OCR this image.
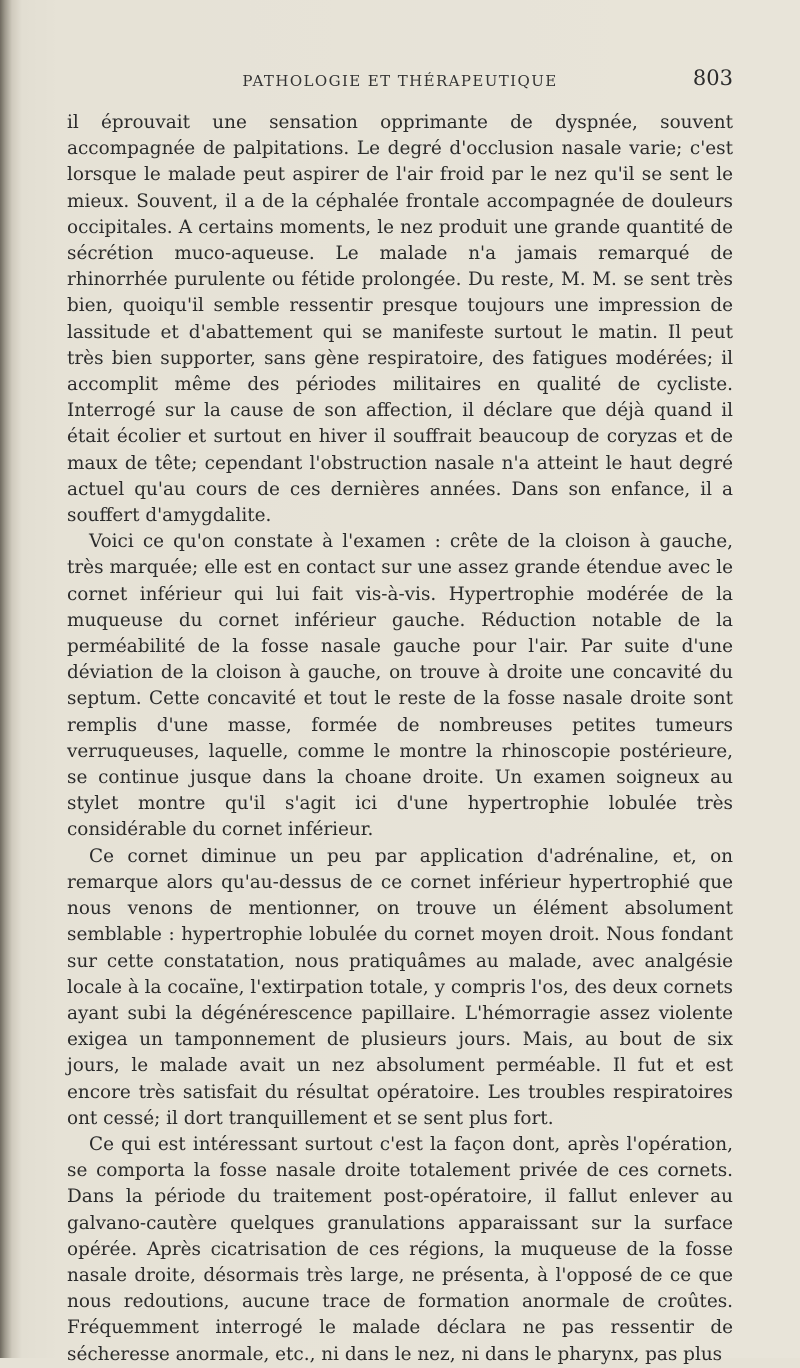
PATHOLOGIE ET THÉRAPEUTIQUE	803

il éprouvait une sensation opprimante de dyspnée, souvent accompagnée de palpitations. Le degré d'occlusion nasale varie; c'est lorsque le malade peut aspirer de l'air froid par le nez qu'il se sent le mieux. Souvent, il a de la céphalée frontale accompagnée de douleurs occipitales. A certains moments, le nez produit une grande quantité de sécrétion muco-aqueuse. Le malade n'a jamais remarqué de rhinorrhée purulente ou fétide prolongée. Du reste, M. M. se sent très bien, quoiqu'il semble ressentir presque toujours une impression de lassitude et d'abattement qui se manifeste surtout le matin. Il peut très bien supporter, sans gène respiratoire, des fatigues modérées; il accomplit même des périodes militaires en qualité de cycliste. Interrogé sur la cause de son affection, il déclare que déjà quand il était écolier et surtout en hiver il souffrait beaucoup de coryzas et de maux de tête; cependant l'obstruction nasale n'a atteint le haut degré actuel qu'au cours de ces dernières années. Dans son enfance, il a souffert d'amygdalite.

Voici ce qu'on constate à l'examen : crête de la cloison à gauche, très marquée; elle est en contact sur une assez grande étendue avec le cornet inférieur qui lui fait vis-à-vis. Hypertrophie modérée de la muqueuse du cornet inférieur gauche. Réduction notable de la perméabilité de la fosse nasale gauche pour l'air. Par suite d'une déviation de la cloison à gauche, on trouve à droite une concavité du septum. Cette concavité et tout le reste de la fosse nasale droite sont remplis d'une masse, formée de nombreuses petites tumeurs verruqueuses, laquelle, comme le montre la rhinoscopie postérieure, se continue jusque dans la choane droite. Un examen soigneux au stylet montre qu'il s'agit ici d'une hypertrophie lobulée très considérable du cornet inférieur.

Ce cornet diminue un peu par application d'adrénaline, et, on remarque alors qu'au-dessus de ce cornet inférieur hypertrophié que nous venons de mentionner, on trouve un élément absolument semblable : hypertrophie lobulée du cornet moyen droit. Nous fondant sur cette constatation, nous pratiquâmes au malade, avec analgésie locale à la cocaïne, l'extirpation totale, y compris l'os, des deux cornets ayant subi la dégénérescence papillaire. L'hémorragie assez violente exigea un tamponnement de plusieurs jours. Mais, au bout de six jours, le malade avait un nez absolument perméable. Il fut et est encore très satisfait du résultat opératoire. Les troubles respiratoires ont cessé; il dort tranquillement et se sent plus fort.

Ce qui est intéressant surtout c'est la façon dont, après l'opération, se comporta la fosse nasale droite totalement privée de ces cornets. Dans la période du traitement post-opératoire, il fallut enlever au galvano-cautère quelques granulations apparaissant sur la surface opérée. Après cicatrisation de ces régions, la muqueuse de la fosse nasale droite, désormais très large, ne présenta, à l'opposé de ce que nous redoutions, aucune trace de formation anormale de croûtes. Fréquemment interrogé le malade déclara ne pas ressentir de sécheresse anormale, etc., ni dans le nez, ni dans le pharynx, pas plus
